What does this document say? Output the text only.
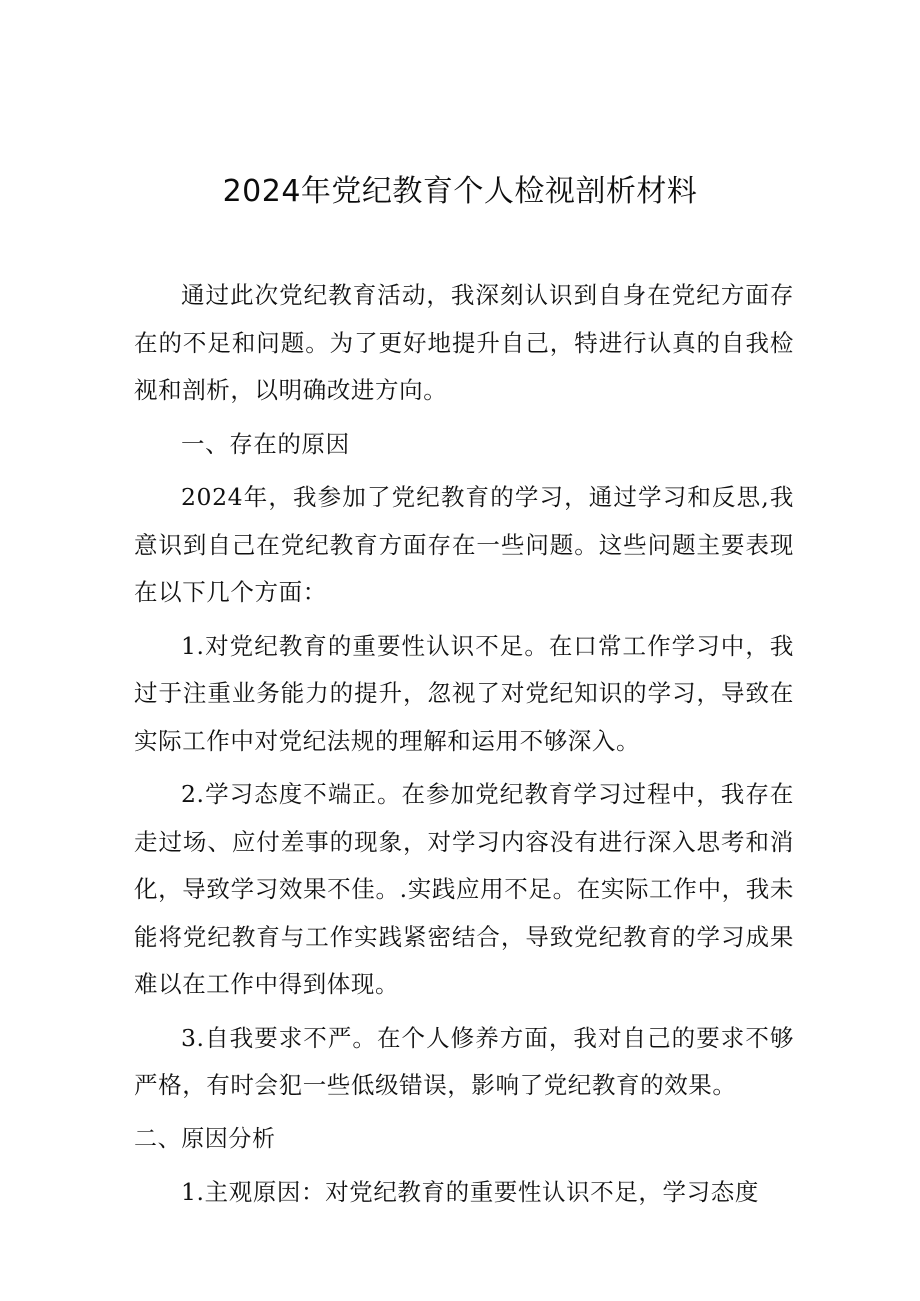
2024年党纪教育个人检视剖析材料

通过此次党纪教育活动，我深刻认识到自身在党纪方面存在的不足和问题。为了更好地提升自己，特进行认真的自我检视和剖析，以明确改进方向。

一、存在的原因

2024年，我参加了党纪教育的学习，通过学习和反思,我意识到自己在党纪教育方面存在一些问题。这些问题主要表现在以下几个方面：

1.对党纪教育的重要性认识不足。在口常工作学习中，我过于注重业务能力的提升，忽视了对党纪知识的学习，导致在实际工作中对党纪法规的理解和运用不够深入。

2.学习态度不端正。在参加党纪教育学习过程中，我存在走过场、应付差事的现象，对学习内容没有进行深入思考和消化，导致学习效果不佳。.实践应用不足。在实际工作中，我未能将党纪教育与工作实践紧密结合，导致党纪教育的学习成果难以在工作中得到体现。

3.自我要求不严。在个人修养方面，我对自己的要求不够严格，有时会犯一些低级错误，影响了党纪教育的效果。

二、原因分析

1.主观原因：对党纪教育的重要性认识不足，学习态度
